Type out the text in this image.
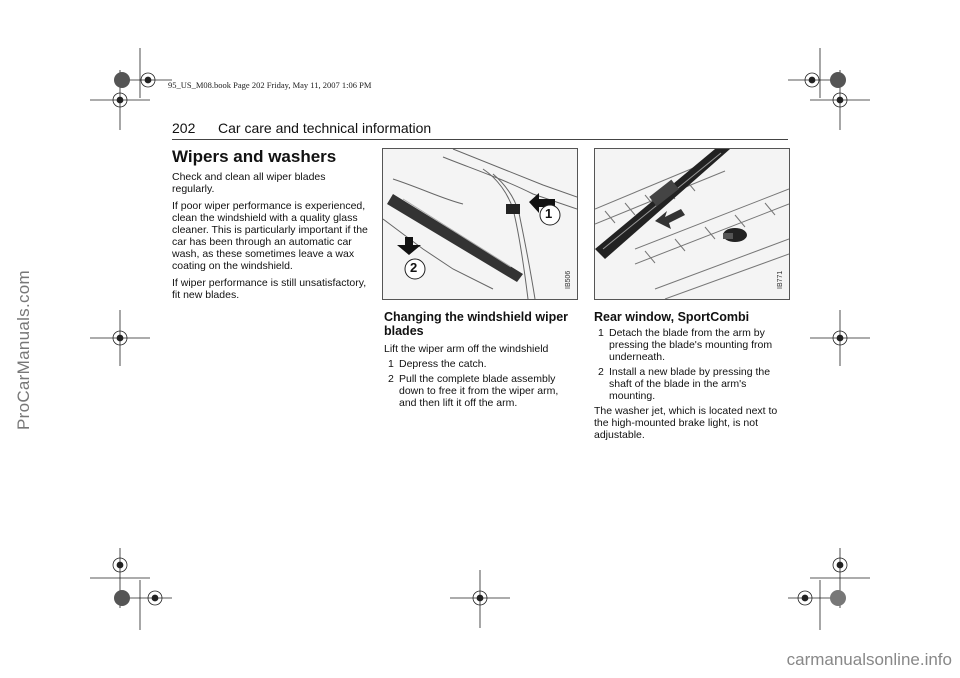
ProCarManuals.com
carmanualsonline.info
95_US_M08.book Page 202 Friday, May 11, 2007 1:06 PM
202 Car care and technical information
Wipers and washers

Check and clean all wiper blades regularly.

If poor wiper performance is experienced, clean the windshield with a quality glass cleaner. This is particularly important if the car has been through an automatic car wash, as these sometimes leave a wax coating on the windshield.

If wiper performance is still unsatisfactory, fit new blades.

1
2
IB506	IB771
Changing the windshield wiper blades

Lift the wiper arm off the windshield

1 Depress the catch.
2 Pull the complete blade assembly down to free it from the wiper arm, and then lift it off the arm.
Rear window, SportCombi
1 Detach the blade from the arm by pressing the blade's mounting from underneath.
2 Install a new blade by pressing the shaft of the blade in the arm's mounting.

The washer jet, which is located next to the high-mounted brake light, is not adjustable.
